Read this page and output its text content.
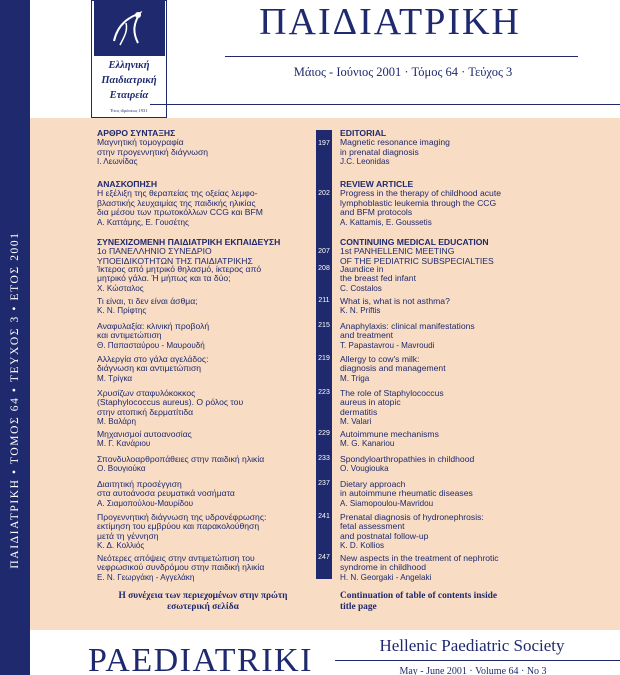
ΠΑΙΔΙΑΤΡΙΚΗ • ΤΟΜΟΣ 64 • ΤΕΥΧΟΣ 3 • ΕΤΟΣ 2001
Ελληνική
Παιδιατρική
Εταιρεία
Έτος ιδρύσεως 1931
ΠΑΙΔΙΑΤΡΙΚΗ
Μάιος - Ιούνιος 2001 · Τόμος 64 · Τεύχος 3
ΑΡΘΡΟ ΣΥΝΤΑΞΗΣ
Μαγνητική τομογραφία
στην προγεννητική διάγνωση
Ι. Λεωνίδας
197
EDITORIAL
Magnetic resonance imaging
in prenatal diagnosis
J.C. Leonidas
ΑΝΑΣΚΟΠΗΣΗ
Η εξέλιξη της θεραπείας της οξείας λεμφο-
βλαστικής λευχαιμίας της παιδικής ηλικίας
δια μέσου των πρωτοκόλλων CCG και BFM
Α. Καττάμης, Ε. Γουσέτης
202
REVIEW ARTICLE
Progress in the therapy of childhood acute
lymphoblastic leukemia through the CCG
and BFM protocols
A. Kattamis, E. Goussetis
ΣΥΝΕΧΙΖΟΜΕΝΗ ΠΑΙΔΙΑΤΡΙΚΗ ΕΚΠΑΙΔΕΥΣΗ
1ο ΠΑΝΕΛΛΗΝΙΟ ΣΥΝΕΔΡΙΟ
ΥΠΟΕΙΔΙΚΟΤΗΤΩΝ ΤΗΣ ΠΑΙΔΙΑΤΡΙΚΗΣ
207
CONTINUING MEDICAL EDUCATION
1st PANHELLENIC MEETING
OF THE PEDIATRIC SUBSPECIALTIES
Ίκτερος από μητρικό θηλασμό, ίκτερος από
μητρικό γάλα. Ή μήπως και τα δύο;
Χ. Κώσταλος
208 Jaundice in
the breast fed infant
C. Costalos
Τι είναι, τι δεν είναι άσθμα;
Κ. Ν. Πρίφτης
211 What is, what is not asthma?
K. N. Priftis
Αναφυλαξία: κλινική προβολή
και αντιμετώπιση
Θ. Παπασταύρου - Μαυρουδή
215 Anaphylaxis: clinical manifestations
and treatment
T. Papastavrou - Mavroudi
Αλλεργία στο γάλα αγελάδος:
διάγνωση και αντιμετώπιση
Μ. Τρίγκα
219 Allergy to cow's milk:
diagnosis and management
M. Triga
Χρυσίζων σταφυλόκοκκος
(Staphylococcus aureus). Ο ρόλος του
στην ατοπική δερματίτιδα
Μ. Βαλάρη
223 The role of Staphylococcus
aureus in atopic
dermatitis
M. Valari
Μηχανισμοί αυτοανοσίας
Μ. Γ. Κανάριου
229 Autoimmune mechanisms
M. G. Kanariou
Σπονδυλοαρθροπάθειες στην παιδική ηλικία
Ο. Βουγιούκα
233 Spondyloarthropathies in childhood
O. Vougiouka
Διαιτητική προσέγγιση
στα αυτοάνοσα ρευματικά νοσήματα
Α. Σιαμοπούλου-Μαυρίδου
237 Dietary approach
in autoimmune rheumatic diseases
A. Siamopoulou-Mavridou
Προγεννητική διάγνωση της υδρονέφρωσης:
εκτίμηση του εμβρύου και παρακολούθηση
μετά τη γέννηση
Κ. Δ. Κολλιός
241 Prenatal diagnosis of hydronephrosis:
fetal assessment
and postnatal follow-up
K. D. Kollios
Νεότερες απόψεις στην αντιμετώπιση του
νεφρωσικού συνδρόμου στην παιδική ηλικία
Ε. Ν. Γεωργάκη - Αγγελάκη
247 New aspects in the treatment of nephrotic
syndrome in childhood
H. N. Georgaki - Angelaki
Η συνέχεια των περιεχομένων στην πρώτη
εσωτερική σελίδα
Continuation of table of contents inside
title page
PAEDIATRIKI	Hellenic Paediatric Society
May - June 2001 · Volume 64 · No 3
